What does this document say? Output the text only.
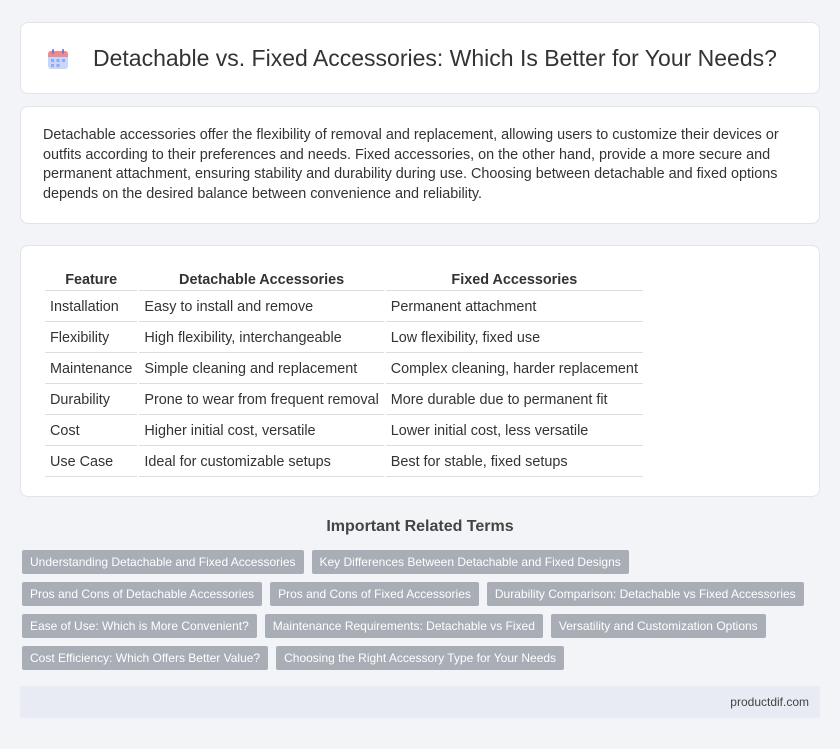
Detachable vs. Fixed Accessories: Which Is Better for Your Needs?

Detachable accessories offer the flexibility of removal and replacement, allowing users to customize their devices or outfits according to their preferences and needs. Fixed accessories, on the other hand, provide a more secure and permanent attachment, ensuring stability and durability during use. Choosing between detachable and fixed options depends on the desired balance between convenience and reliability.

Feature	Detachable Accessories	Fixed Accessories
Installation	Easy to install and remove	Permanent attachment
Flexibility	High flexibility, interchangeable	Low flexibility, fixed use
Maintenance	Simple cleaning and replacement	Complex cleaning, harder replacement
Durability	Prone to wear from frequent removal	More durable due to permanent fit
Cost	Higher initial cost, versatile	Lower initial cost, less versatile
Use Case	Ideal for customizable setups	Best for stable, fixed setups
Important Related Terms
Understanding Detachable and Fixed Accessories	Key Differences Between Detachable and Fixed Designs
Pros and Cons of Detachable Accessories	Pros and Cons of Fixed Accessories	Durability Comparison: Detachable vs Fixed Accessories
Ease of Use: Which is More Convenient?	Maintenance Requirements: Detachable vs Fixed	Versatility and Customization Options
Cost Efficiency: Which Offers Better Value?	Choosing the Right Accessory Type for Your Needs
productdif.com
